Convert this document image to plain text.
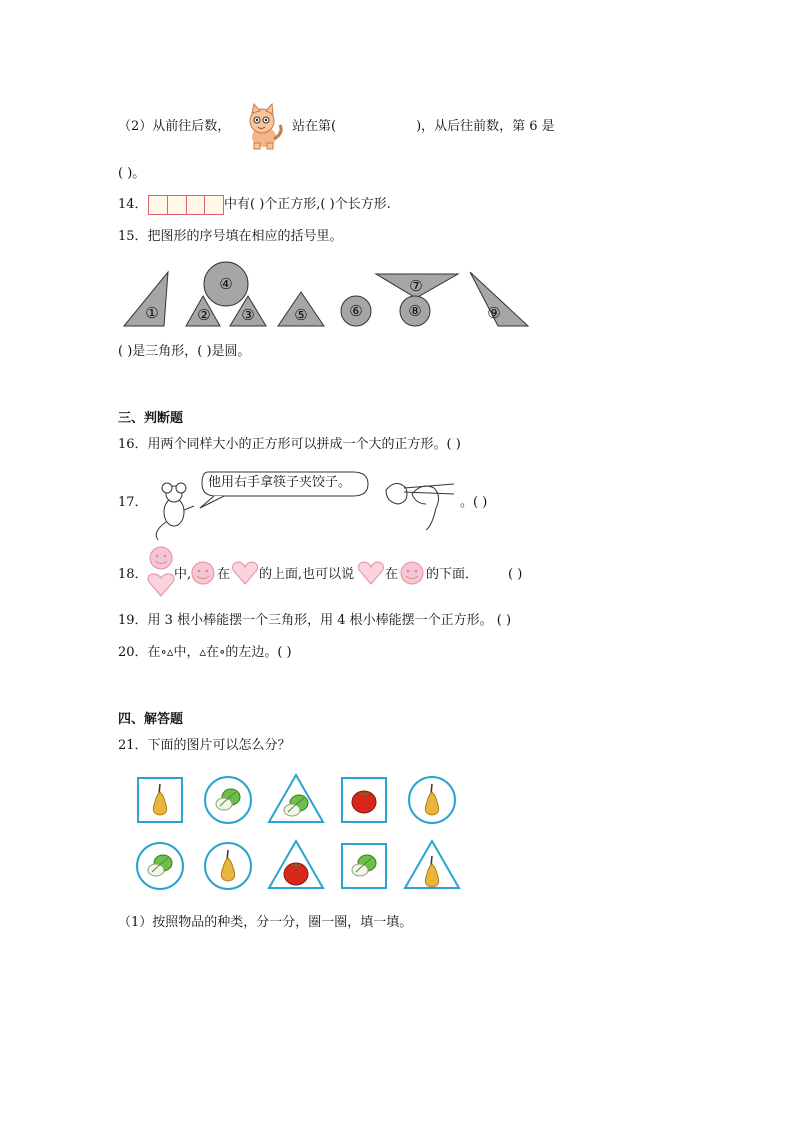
（2）从前往后数，	站在第(	)，从后往前数，第 6 是
( )。
14．	中有( )个正方形,( )个长方形.
15．把图形的序号填在相应的括号里。
①	② ③
④
⑤	⑥
⑦
⑧	⑨
( )是三角形，( )是圆。
三、判断题
16．用两个同样大小的正方形可以拼成一个大的正方形。( )
17．
他用右手拿筷子夹饺子。
。( )
18． 中, 在 的上面,也可以说 在 的下面． ( )
19．用 3 根小棒能摆一个三角形，用 4 根小棒能摆一个正方形。 ( )
20．在∘▵中，▵在∘的左边。( )
四、解答题
21．下面的图片可以怎么分？
（1）按照物品的种类，分一分，圈一圈，填一填。
